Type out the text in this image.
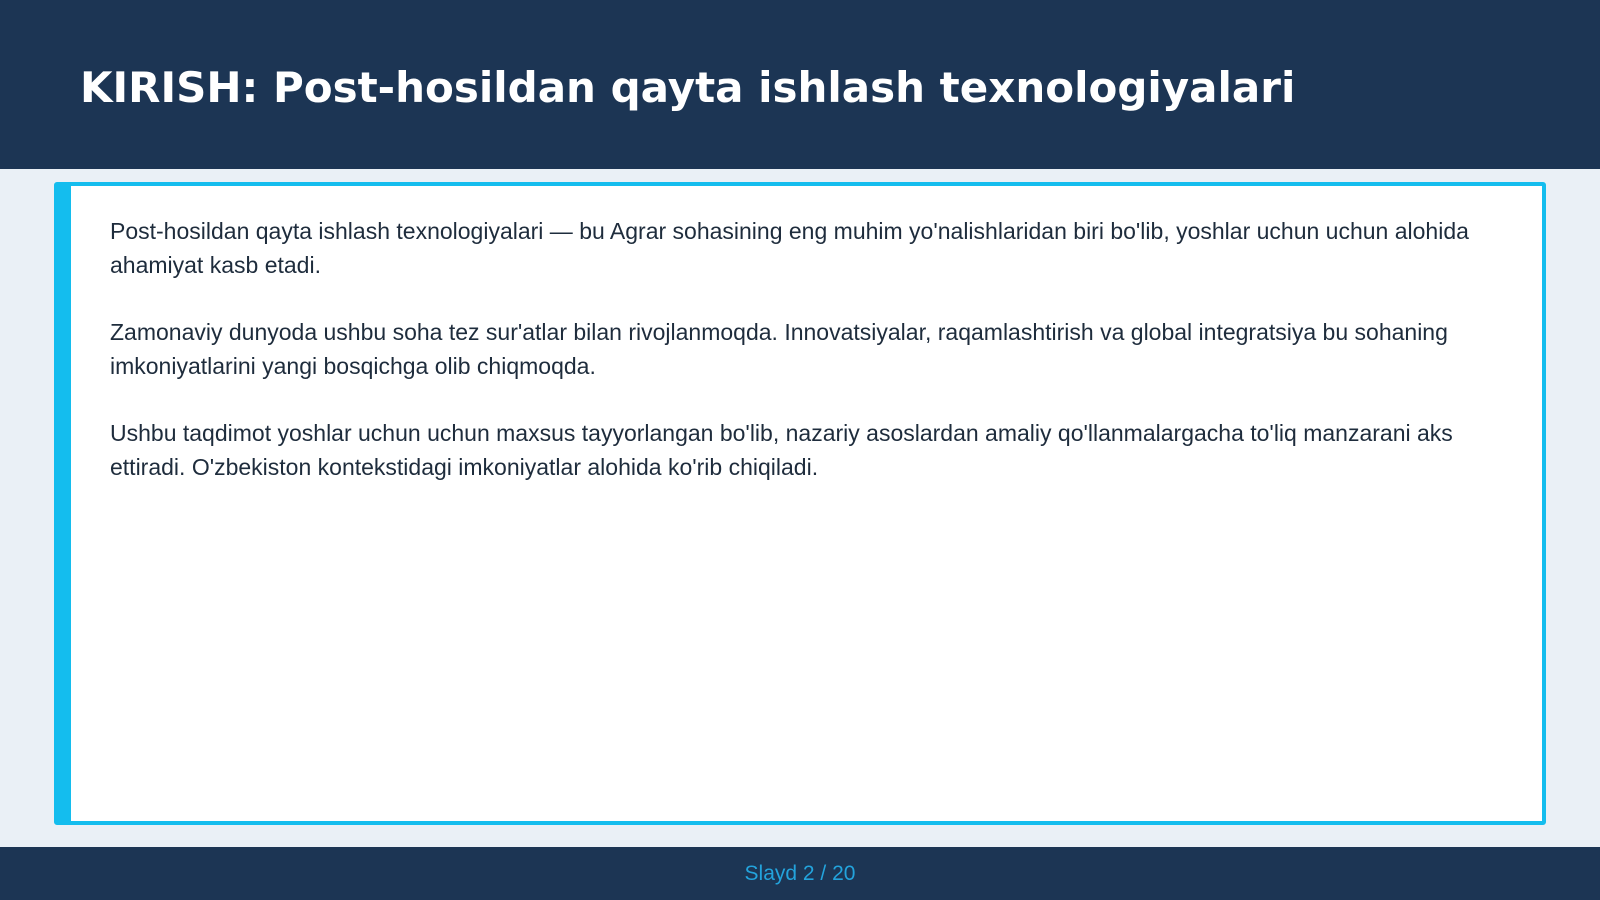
KIRISH: Post-hosildan qayta ishlash texnologiyalari

Post-hosildan qayta ishlash texnologiyalari — bu Agrar sohasining eng muhim yo'nalishlaridan biri bo'lib, yoshlar uchun uchun alohida ahamiyat kasb etadi.

Zamonaviy dunyoda ushbu soha tez sur'atlar bilan rivojlanmoqda. Innovatsiyalar, raqamlashtirish va global integratsiya bu sohaning imkoniyatlarini yangi bosqichga olib chiqmoqda.

Ushbu taqdimot yoshlar uchun uchun maxsus tayyorlangan bo'lib, nazariy asoslardan amaliy qo'llanmalargacha to'liq manzarani aks ettiradi. O'zbekiston kontekstidagi imkoniyatlar alohida ko'rib chiqiladi.

Slayd 2 / 20
